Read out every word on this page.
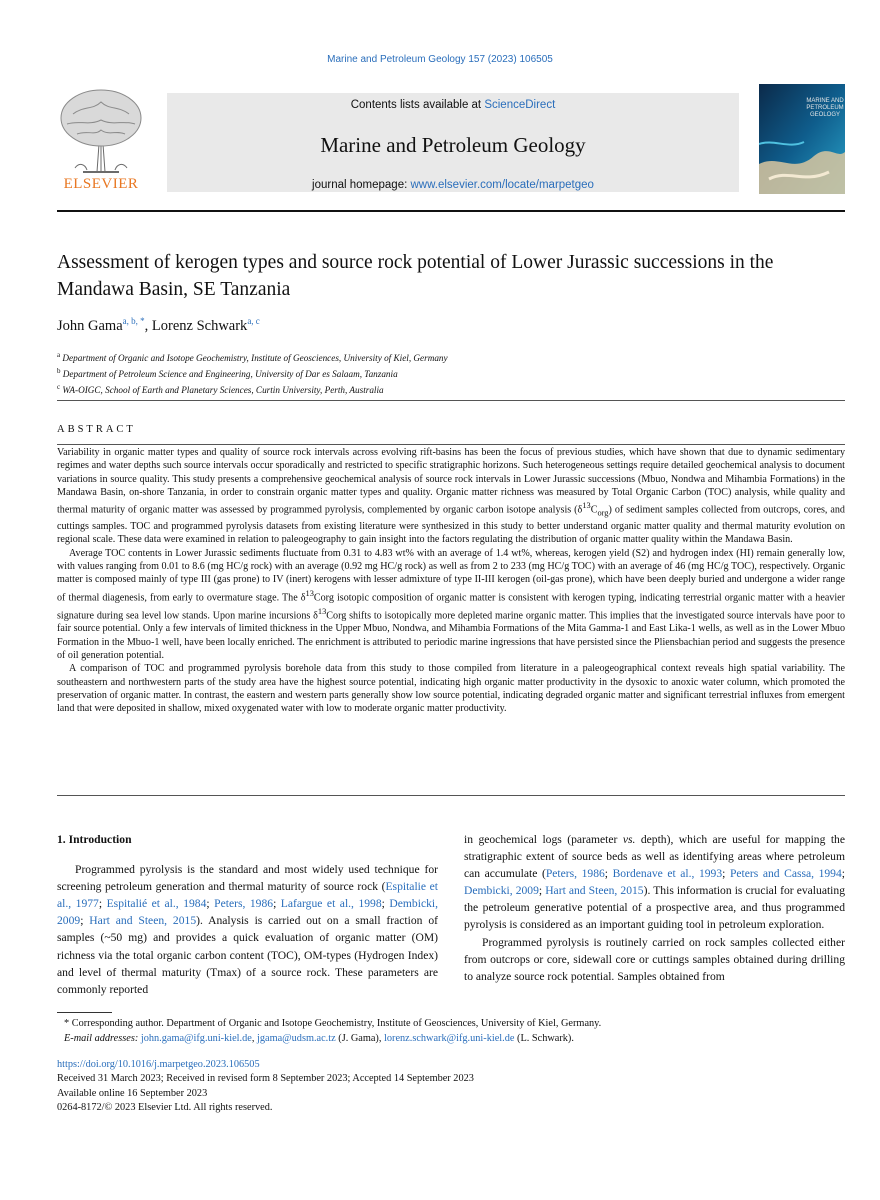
Marine and Petroleum Geology 157 (2023) 106505
ELSEVIER
Contents lists available at ScienceDirect
Marine and Petroleum Geology
journal homepage: www.elsevier.com/locate/marpetgeo
MARINE AND
PETROLEUM
GEOLOGY
Assessment of kerogen types and source rock potential of Lower Jurassic successions in the Mandawa Basin, SE Tanzania
John Gama$^{a, b, *}$, Lorenz Schwark$^{a, c}$
$^a$ Department of Organic and Isotope Geochemistry, Institute of Geosciences, University of Kiel, Germany
$^b$ Department of Petroleum Science and Engineering, University of Dar es Salaam, Tanzania
$^c$ WA-OIGC, School of Earth and Planetary Sciences, Curtin University, Perth, Australia
ABSTRACT

Variability in organic matter types and quality of source rock intervals across evolving rift-basins has been the focus of previous studies, which have shown that due to dynamic sedimentary regimes and water depths such source intervals occur sporadically and restricted to specific stratigraphic horizons. Such heterogeneous settings require detailed geochemical analysis to document variations in source quality. This study presents a comprehensive geochemical analysis of source rock intervals in Lower Jurassic successions (Mbuo, Nondwa and Mihambia Formations) in the Mandawa Basin, on-shore Tanzania, in order to constrain organic matter types and quality. Organic matter richness was measured by Total Organic Carbon (TOC) analysis, while quality and thermal maturity of organic matter was assessed by programmed pyrolysis, complemented by organic carbon isotope analysis $(\delta^{13}C_{org})$ of sediment samples collected from outcrops, cores, and cuttings samples. TOC and programmed pyrolysis datasets from existing literature were synthesized in this study to better understand organic matter quality and thermal maturity evolution on regional scale. These data were examined in relation to paleogeography to gain insight into the factors regulating the distribution of organic matter quality within the Mandawa Basin.

Average TOC contents in Lower Jurassic sediments fluctuate from 0.31 to 4.83 wt% with an average of 1.4 wt%, whereas, kerogen yield (S2) and hydrogen index (HI) remain generally low, with values ranging from 0.01 to 8.6 (mg HC/g rock) with an average (0.92 mg HC/g rock) as well as from 2 to 233 (mg HC/g TOC) with an average of 46 (mg HC/g TOC), respectively. Organic matter is composed mainly of type III (gas prone) to IV (inert) kerogens with lesser admixture of type II-III kerogen (oil-gas prone), which have been deeply buried and undergone a wider range of thermal diagenesis, from early to overmature stage. The $\delta^{13}Corg$ isotopic composition of organic matter is consistent with kerogen typing, indicating terrestrial organic matter with a heavier signature during sea level low stands. Upon marine incursions $\delta^{13}Corg$ shifts to isotopically more depleted marine organic matter. This implies that the investigated source intervals have poor to fair source potential. Only a few intervals of limited thickness in the Upper Mbuo, Nondwa, and Mihambia Formations of the Mita Gamma-1 and East Lika-1 wells, as well as in the Lower Mbuo Formation in the Mbuo-1 well, have been locally enriched. The enrichment is attributed to periodic marine ingressions that have persisted since the Pliensbachian period and suggests the presence of oil generation potential.

A comparison of TOC and programmed pyrolysis borehole data from this study to those compiled from literature in a paleogeographical context reveals high spatial variability. The southeastern and northwestern parts of the study area have the highest source potential, indicating high organic matter productivity in the dysoxic to anoxic water column, which promoted the preservation of organic matter. In contrast, the eastern and western parts generally show low source potential, indicating degraded organic matter and significant terrestrial influxes from emergent land that were deposited in shallow, mixed oxygenated water with low to moderate organic matter productivity.

1. Introduction

Programmed pyrolysis is the standard and most widely used technique for screening petroleum generation and thermal maturity of source rock (Espitalie et al., 1977; Espitalié et al., 1984; Peters, 1986; Lafargue et al., 1998; Dembicki, 2009; Hart and Steen, 2015). Analysis is carried out on a small fraction of samples (~50 mg) and provides a quick evaluation of organic matter (OM) richness via the total organic carbon content (TOC), OM-types (Hydrogen Index) and level of thermal maturity (Tmax) of a source rock. These parameters are commonly reported

in geochemical logs (parameter vs. depth), which are useful for mapping the stratigraphic extent of source beds as well as identifying areas where petroleum can accumulate (Peters, 1986; Bordenave et al., 1993; Peters and Cassa, 1994; Dembicki, 2009; Hart and Steen, 2015). This information is crucial for evaluating the petroleum generative potential of a prospective area, and thus programmed pyrolysis is considered as an important guiding tool in petroleum exploration.

Programmed pyrolysis is routinely carried on rock samples collected either from outcrops or core, sidewall core or cuttings samples obtained during drilling to analyze source rock potential. Samples obtained from

* Corresponding author. Department of Organic and Isotope Geochemistry, Institute of Geosciences, University of Kiel, Germany.
E-mail addresses: john.gama@ifg.uni-kiel.de, jgama@udsm.ac.tz (J. Gama), lorenz.schwark@ifg.uni-kiel.de (L. Schwark).
https://doi.org/10.1016/j.marpetgeo.2023.106505
Received 31 March 2023; Received in revised form 8 September 2023; Accepted 14 September 2023
Available online 16 September 2023
0264-8172/© 2023 Elsevier Ltd. All rights reserved.
